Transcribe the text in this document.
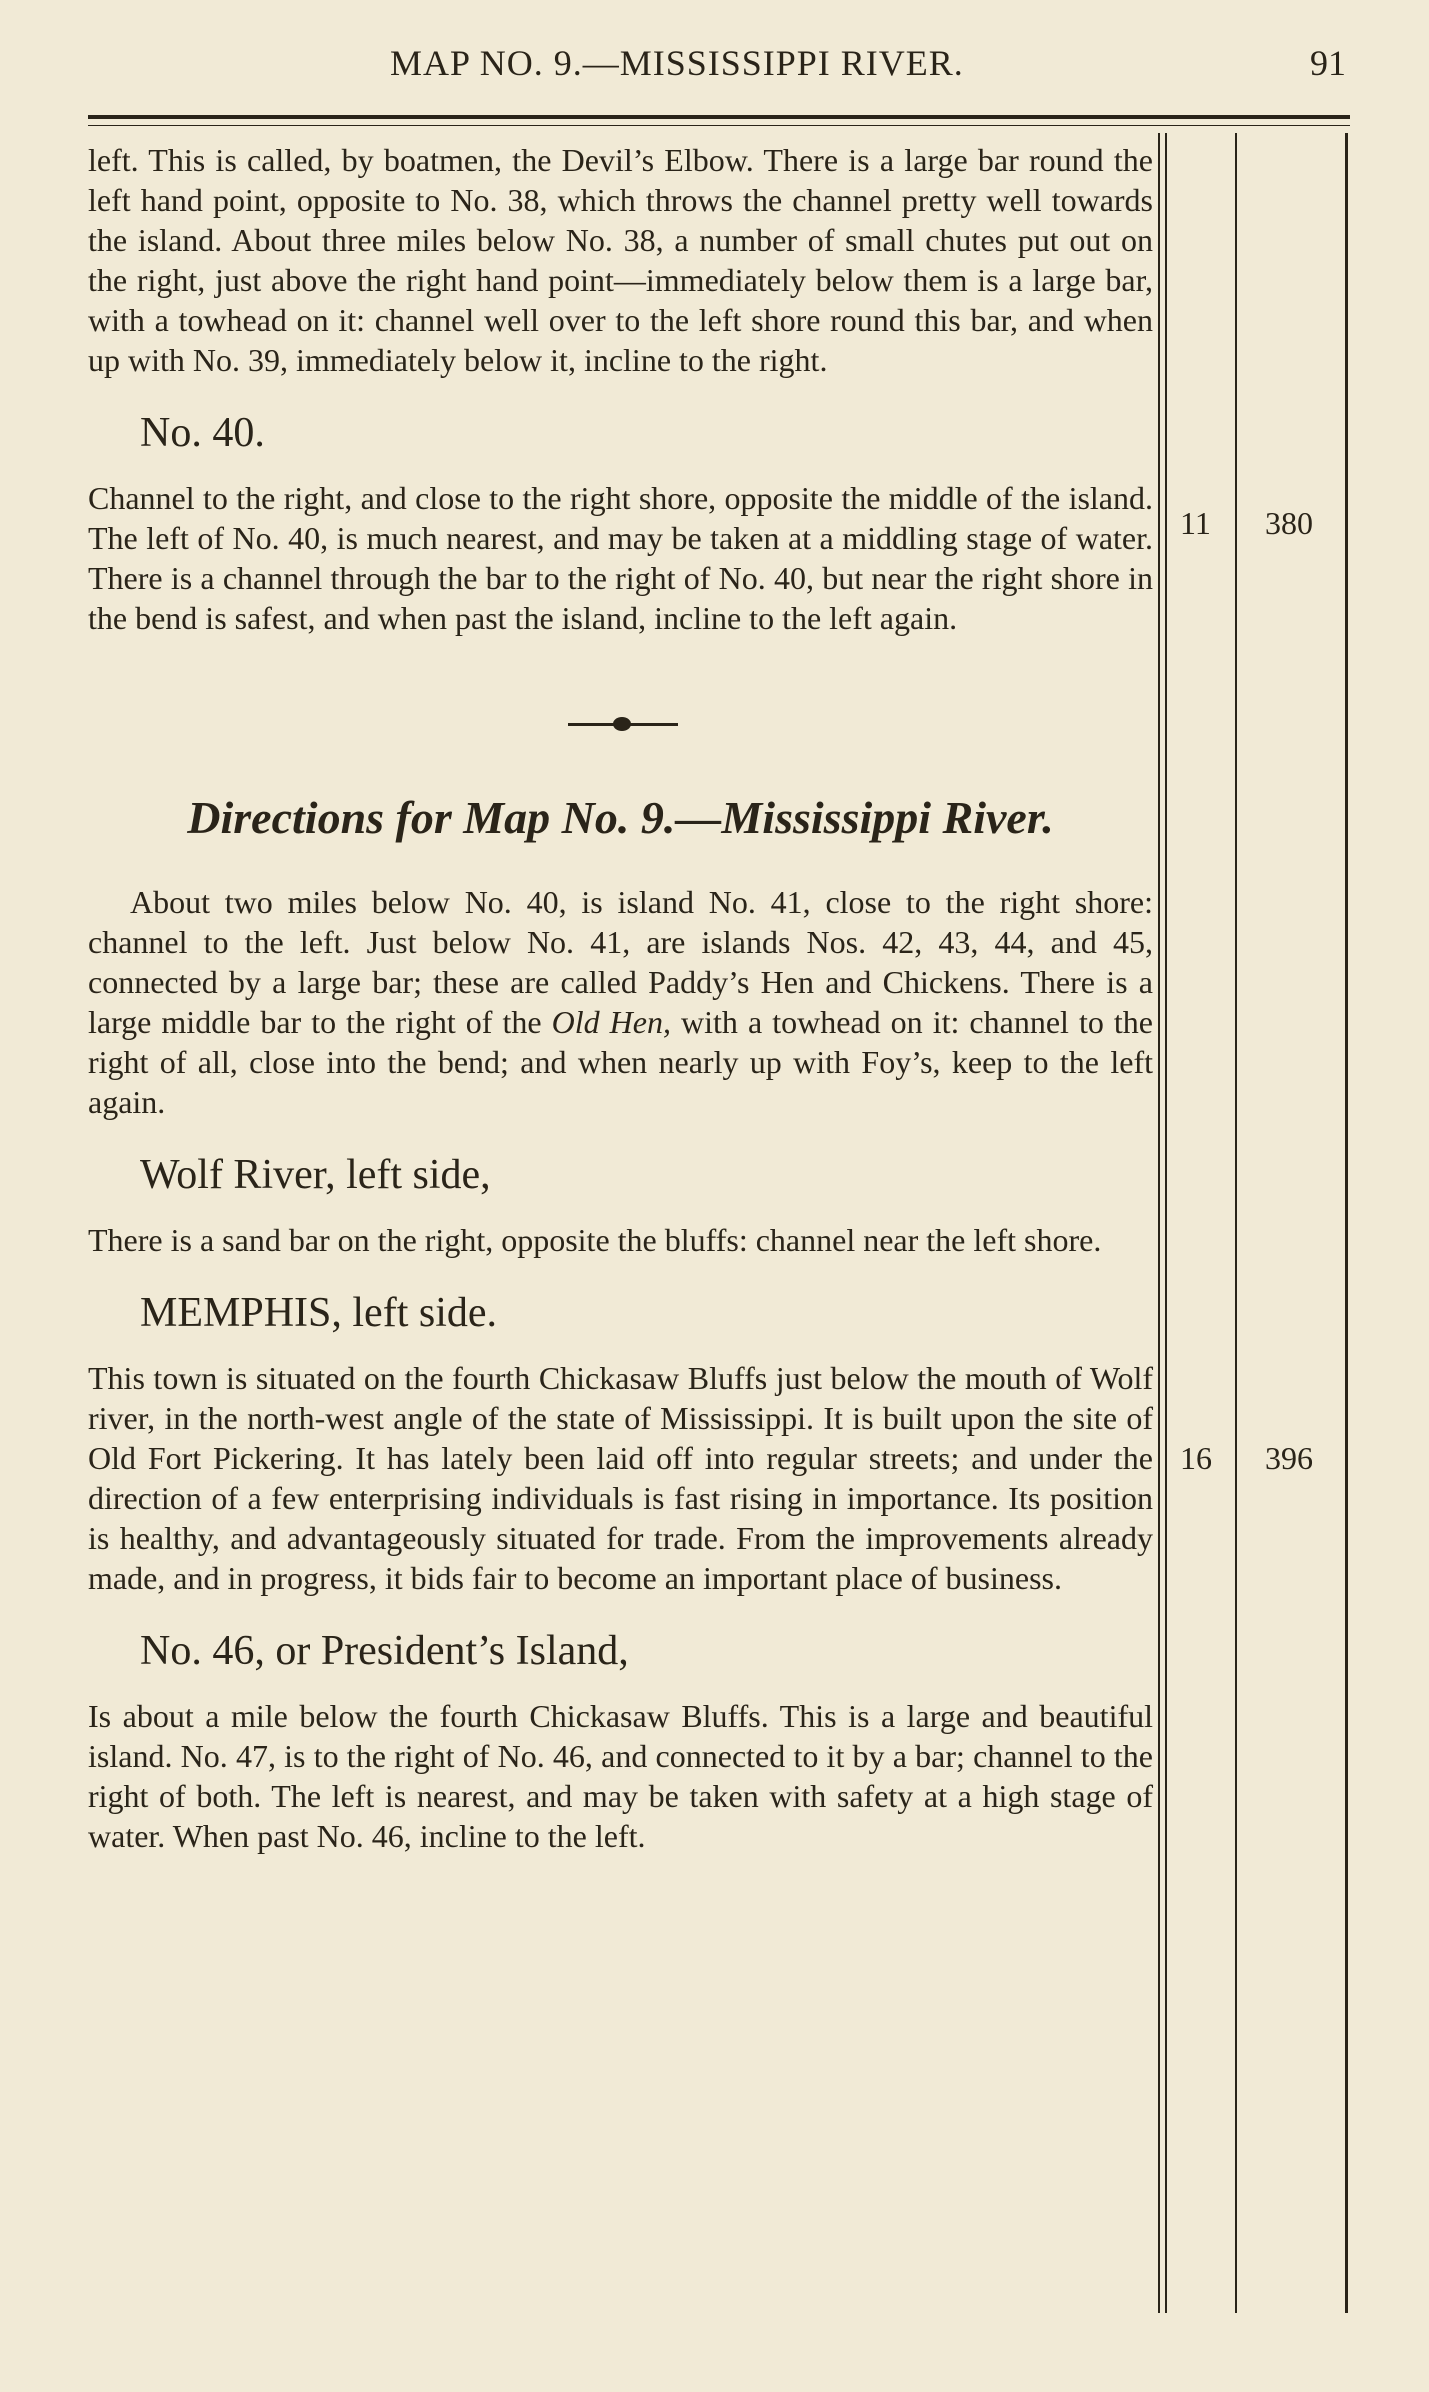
MAP NO. 9.—MISSISSIPPI RIVER.	91

left. This is called, by boatmen, the Devil’s Elbow. There is a large bar round the left hand point, opposite to No. 38, which throws the channel pretty well towards the island. About three miles below No. 38, a number of small chutes put out on the right, just above the right hand point—immediately below them is a large bar, with a towhead on it: channel well over to the left shore round this bar, and when up with No. 39, immediately below it, incline to the right.

No. 40.

Channel to the right, and close to the right shore, opposite the middle of the island. The left of No. 40, is much nearest, and may be taken at a middling stage of water. There is a channel through the bar to the right of No. 40, but near the right shore in the bend is safest, and when past the island, incline to the left again.

Directions for Map No. 9.—Mississippi River.

About two miles below No. 40, is island No. 41, close to the right shore: channel to the left. Just below No. 41, are islands Nos. 42, 43, 44, and 45, connected by a large bar; these are called Paddy’s Hen and Chickens. There is a large middle bar to the right of the Old Hen, with a towhead on it: channel to the right of all, close into the bend; and when nearly up with Foy’s, keep to the left again.

Wolf River, left side,

There is a sand bar on the right, opposite the bluffs: channel near the left shore.

MEMPHIS, left side.

This town is situated on the fourth Chickasaw Bluffs just below the mouth of Wolf river, in the north-west angle of the state of Mississippi. It is built upon the site of Old Fort Pickering. It has lately been laid off into regular streets; and under the direction of a few enterprising individuals is fast rising in importance. Its position is healthy, and advantageously situated for trade. From the improvements already made, and in progress, it bids fair to become an important place of business.

No. 46, or President’s Island,

Is about a mile below the fourth Chickasaw Bluffs. This is a large and beautiful island. No. 47, is to the right of No. 46, and connected to it by a bar; channel to the right of both. The left is nearest, and may be taken with safety at a high stage of water. When past No. 46, incline to the left.

11 380
16 396
